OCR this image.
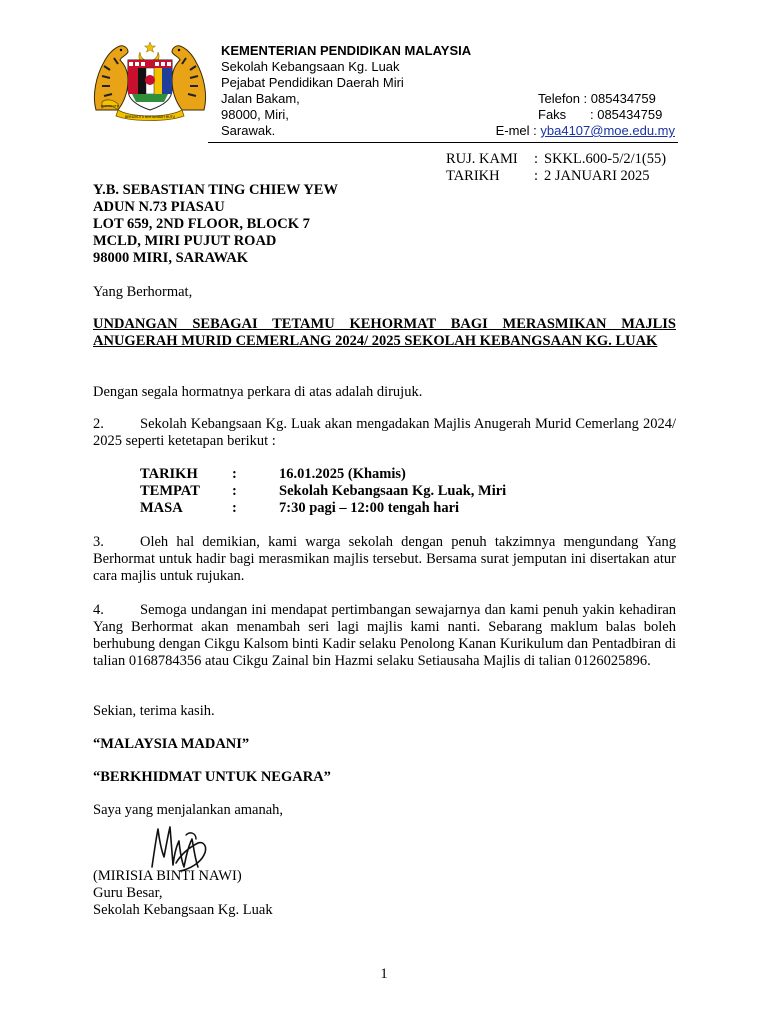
BERSEKUTU
BERSEKUTU BERTAMBAH MUTU
KEMENTERIAN PENDIDIKAN MALAYSIA
Sekolah Kebangsaan Kg. Luak
Pejabat Pendidikan Daerah Miri
Jalan Bakam,
98000, Miri,
Sarawak.
Telefon : 085434759
Faks	: 085434759
E-mel :
yba4107@moe.edu.my
RUJ. KAMI	: SKKL.600-5/2/1(55)
TARIKH	: 2 JANUARI 2025
Y.B. SEBASTIAN TING CHIEW YEW
ADUN N.73 PIASAU
LOT 659, 2ND FLOOR, BLOCK 7
MCLD, MIRI PUJUT ROAD
98000 MIRI, SARAWAK
Yang Berhormat,
UNDANGAN SEBAGAI TETAMU KEHORMAT BAGI MERASMIKAN MAJLIS ANUGERAH MURID CEMERLANG 2024/ 2025 SEKOLAH KEBANGSAAN KG. LUAK
Dengan segala hormatnya perkara di atas adalah dirujuk.
2. Sekolah Kebangsaan Kg. Luak akan mengadakan Majlis Anugerah Murid Cemerlang 2024/ 2025 seperti ketetapan berikut :
TARIKH	:	16.01.2025 (Khamis)
TEMPAT	:	Sekolah Kebangsaan Kg. Luak, Miri
MASA	:	7:30 pagi – 12:00 tengah hari
3. Oleh hal demikian, kami warga sekolah dengan penuh takzimnya mengundang Yang Berhormat untuk hadir bagi merasmikan majlis tersebut. Bersama surat jemputan ini disertakan atur cara majlis untuk rujukan.
4. Semoga undangan ini mendapat pertimbangan sewajarnya dan kami penuh yakin kehadiran Yang Berhormat akan menambah seri lagi majlis kami nanti. Sebarang maklum balas boleh berhubung dengan Cikgu Kalsom binti Kadir selaku Penolong Kanan Kurikulum dan Pentadbiran di talian 0168784356 atau Cikgu Zainal bin Hazmi selaku Setiausaha Majlis di talian 0126025896.
Sekian, terima kasih.
“MALAYSIA MADANI”
“BERKHIDMAT UNTUK NEGARA”
Saya yang menjalankan amanah,
(MIRISIA BINTI NAWI)
Guru Besar,
Sekolah Kebangsaan Kg. Luak
1
